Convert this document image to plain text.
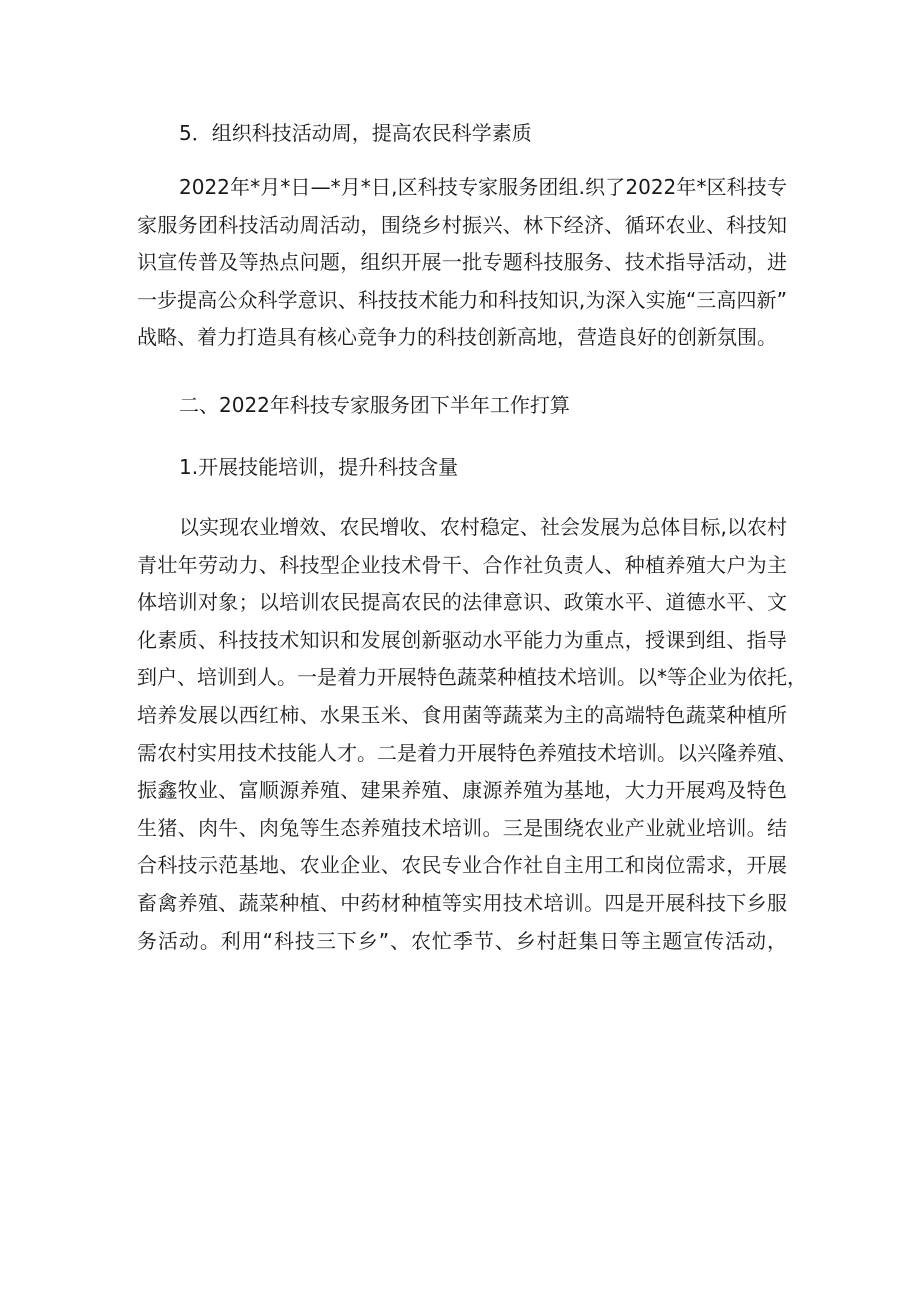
5．组织科技活动周，提高农民科学素质

2022年*月*日—*月*日,区科技专家服务团组.织了2022年*区科技专
家服务团科技活动周活动，围绕乡村振兴、林下经济、循环农业、科技知
识宣传普及等热点问题，组织开展一批专题科技服务、技术指导活动，进
一步提高公众科学意识、科技技术能力和科技知识,为深入实施“三高四新”
战略、着力打造具有核心竞争力的科技创新高地，营造良好的创新氛围。

二、2022年科技专家服务团下半年工作打算

1.开展技能培训，提升科技含量

以实现农业增效、农民增收、农村稳定、社会发展为总体目标,以农村
青壮年劳动力、科技型企业技术骨干、合作社负责人、种植养殖大户为主
体培训对象；以培训农民提高农民的法律意识、政策水平、道德水平、文
化素质、科技技术知识和发展创新驱动水平能力为重点，授课到组、指导
到户、培训到人。一是着力开展特色蔬菜种植技术培训。以*等企业为依托，
培养发展以西红柿、水果玉米、食用菌等蔬菜为主的高端特色蔬菜种植所
需农村实用技术技能人才。二是着力开展特色养殖技术培训。以兴隆养殖、
振鑫牧业、富顺源养殖、建果养殖、康源养殖为基地，大力开展鸡及特色
生猪、肉牛、肉兔等生态养殖技术培训。三是围绕农业产业就业培训。结
合科技示范基地、农业企业、农民专业合作社自主用工和岗位需求，开展
畜禽养殖、蔬菜种植、中药材种植等实用技术培训。四是开展科技下乡服
务活动。利用“科技三下乡”、农忙季节、乡村赶集日等主题宣传活动，
